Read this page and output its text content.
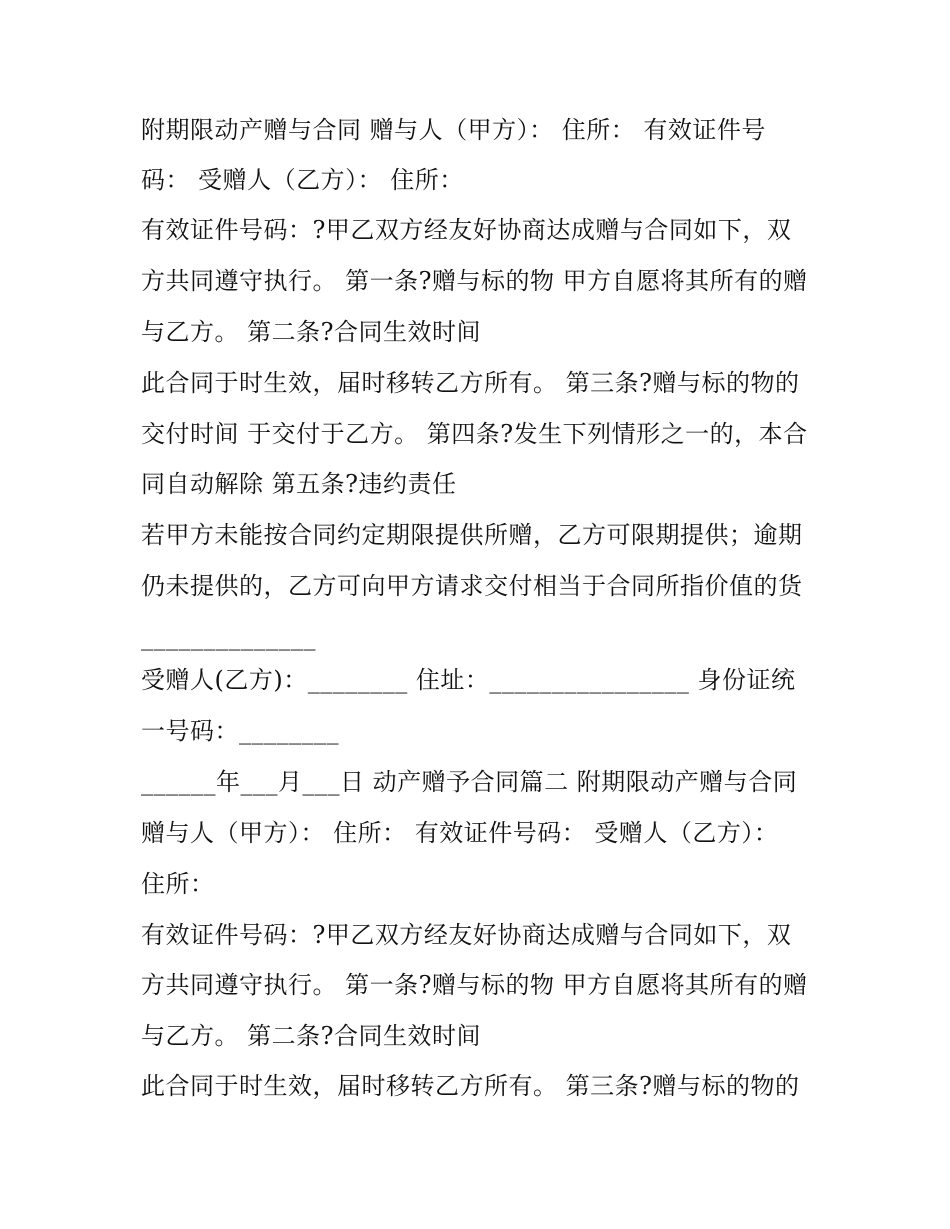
附期限动产赠与合同 赠与人（甲方）： 住所： 有效证件号
码： 受赠人（乙方）： 住所：
有效证件号码：?甲乙双方经友好协商达成赠与合同如下，双
方共同遵守执行。 第一条?赠与标的物 甲方自愿将其所有的赠
与乙方。 第二条?合同生效时间
此合同于时生效，届时移转乙方所有。 第三条?赠与标的物的
交付时间 于交付于乙方。 第四条?发生下列情形之一的，本合
同自动解除 第五条?违约责任
若甲方未能按合同约定期限提供所赠，乙方可限期提供；逾期
仍未提供的，乙方可向甲方请求交付相当于合同所指价值的货
______________
受赠人(乙方)：________ 住址：________________ 身份证统
一号码：________
______年___月___日 动产赠予合同篇二 附期限动产赠与合同
赠与人（甲方）： 住所： 有效证件号码： 受赠人（乙方）：
住所：
有效证件号码：?甲乙双方经友好协商达成赠与合同如下，双
方共同遵守执行。 第一条?赠与标的物 甲方自愿将其所有的赠
与乙方。 第二条?合同生效时间
此合同于时生效，届时移转乙方所有。 第三条?赠与标的物的
